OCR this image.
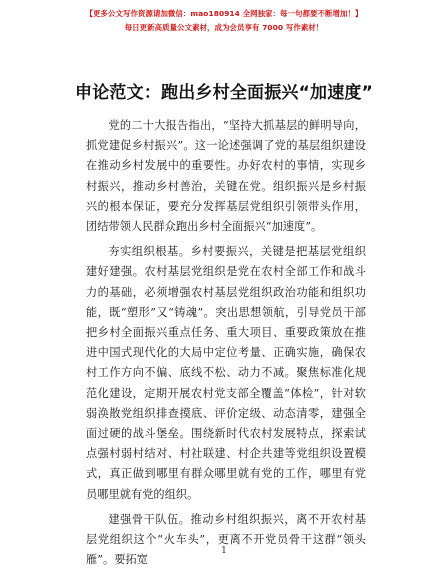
【更多公文写作资源请加微信：mao180914 全网独家：每一句都要不断增加！】
每日更新高质量公文素材，成为会员享有 7000 写作素材！
申论范文：跑出乡村全面振兴“加速度”

党的二十大报告指出，“坚持大抓基层的鲜明导向，抓党建促乡村振兴”。这一论述强调了党的基层组织建设在推动乡村发展中的重要性。办好农村的事情，实现乡村振兴，推动乡村善治，关键在党。组织振兴是乡村振兴的根本保证，要充分发挥基层党组织引领带头作用，团结带领人民群众跑出乡村全面振兴“加速度”。

夯实组织根基。乡村要振兴，关键是把基层党组织建好建强。农村基层党组织是党在农村全部工作和战斗力的基础，必须增强农村基层党组织政治功能和组织功能，既“塑形”又“铸魂”。突出思想领航，引导党员干部把乡村全面振兴重点任务、重大项目、重要政策放在推进中国式现代化的大局中定位考量、正确实施，确保农村工作方向不偏、底线不松、动力不减。聚焦标准化规范化建设，定期开展农村党支部全覆盖“体检”，针对软弱涣散党组织排查摸底、评价定级、动态清零，建强全面过硬的战斗堡垒。围绕新时代农村发展特点，探索试点强村弱村结对、村社联建、村企共建等党组织设置模式，真正做到哪里有群众哪里就有党的工作，哪里有党员哪里就有党的组织。

建强骨干队伍。推动乡村组织振兴，离不开农村基层党组织这个“火车头”，更离不开党员骨干这群“领头雁”。要拓宽

1
